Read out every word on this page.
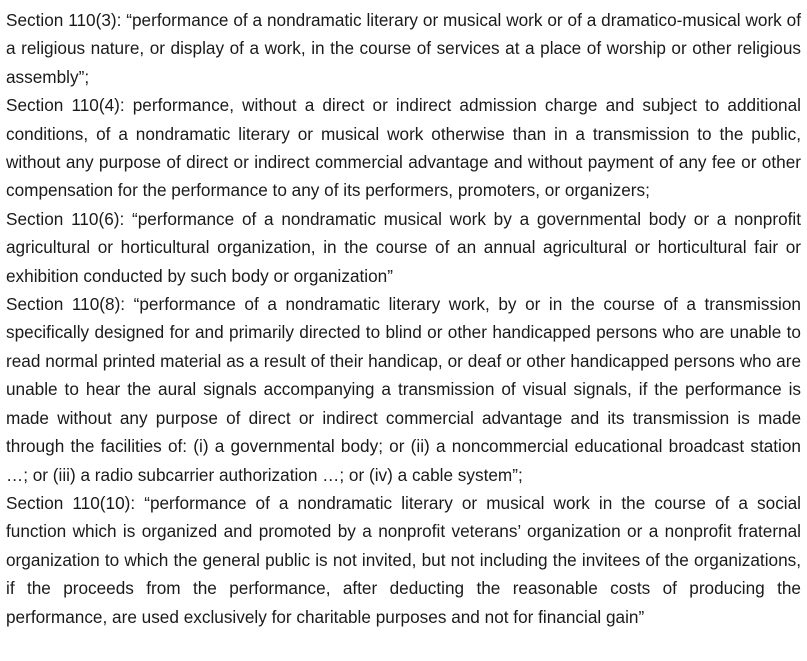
Section 110(3): “performance of a nondramatic literary or musical work or of a dramatico-musical work of a religious nature, or display of a work, in the course of services at a place of worship or other religious assembly”;

Section 110(4): performance, without a direct or indirect admission charge and subject to additional conditions, of a nondramatic literary or musical work otherwise than in a transmission to the public, without any purpose of direct or indirect commercial advantage and without payment of any fee or other compensation for the performance to any of its performers, promoters, or organizers;

Section 110(6): “performance of a nondramatic musical work by a governmental body or a nonprofit agricultural or horticultural organization, in the course of an annual agricultural or horticultural fair or exhibition conducted by such body or organization”

Section 110(8): “performance of a nondramatic literary work, by or in the course of a transmission specifically designed for and primarily directed to blind or other handicapped persons who are unable to read normal printed material as a result of their handicap, or deaf or other handicapped persons who are unable to hear the aural signals accompanying a transmission of visual signals, if the performance is made without any purpose of direct or indirect commercial advantage and its transmission is made through the facilities of: (i) a governmental body; or (ii) a noncommercial educational broadcast station …; or (iii) a radio subcarrier authorization …; or (iv) a cable system”;

Section 110(10): “performance of a nondramatic literary or musical work in the course of a social function which is organized and promoted by a nonprofit veterans’ organization or a nonprofit fraternal organization to which the general public is not invited, but not including the invitees of the organizations, if the proceeds from the performance, after deducting the reasonable costs of producing the performance, are used exclusively for charitable purposes and not for financial gain”
